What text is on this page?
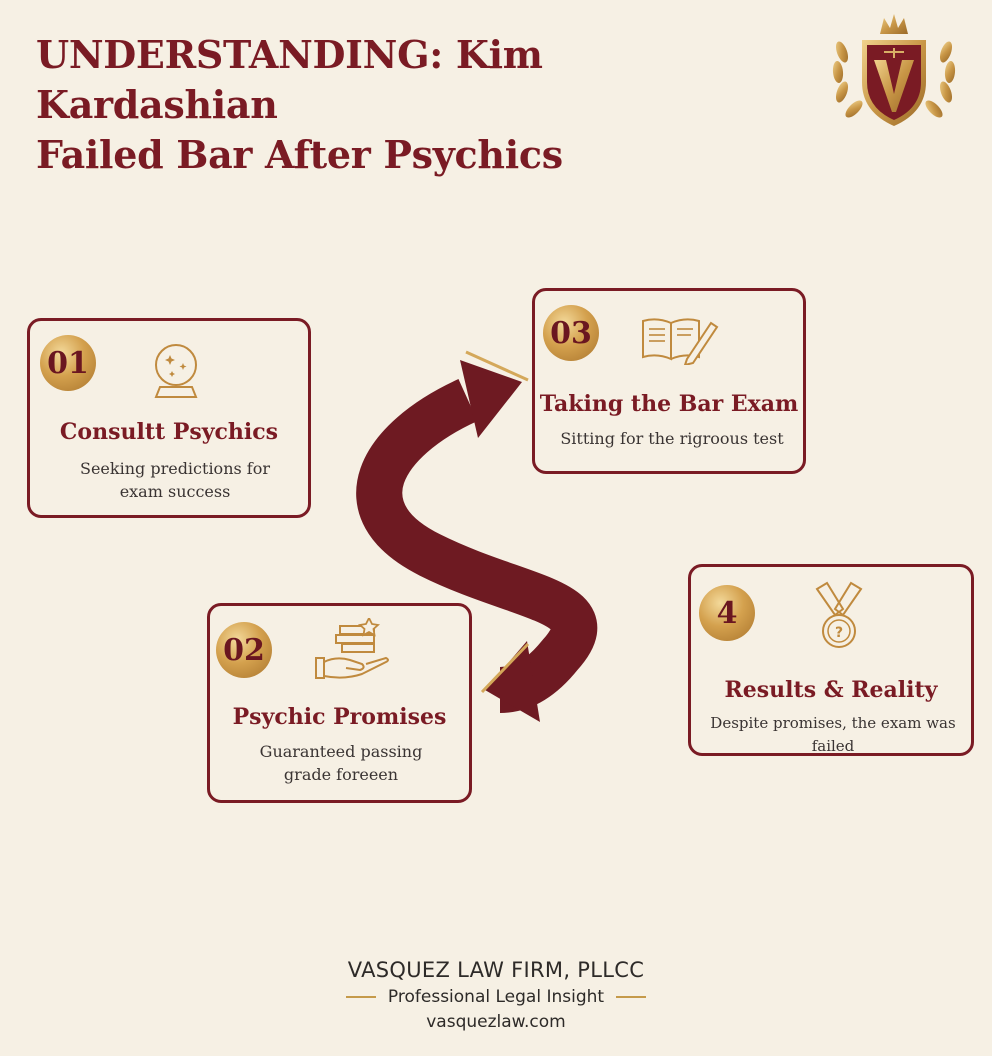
UNDERSTANDING: Kim Kardashian
Failed Bar After Psychics
01
Consultt Psychics
Seeking predictions for
exam success
02
Psychic Promises
Guaranteed passing
grade foreeen
03
Taking the Bar Exam
Sitting for the rigroous test
4
?
Results & Reality
Despite promises, the exam was failed
VASQUEZ LAW FIRM, PLLCC
Professional Legal Insight
vasquezlaw.com
